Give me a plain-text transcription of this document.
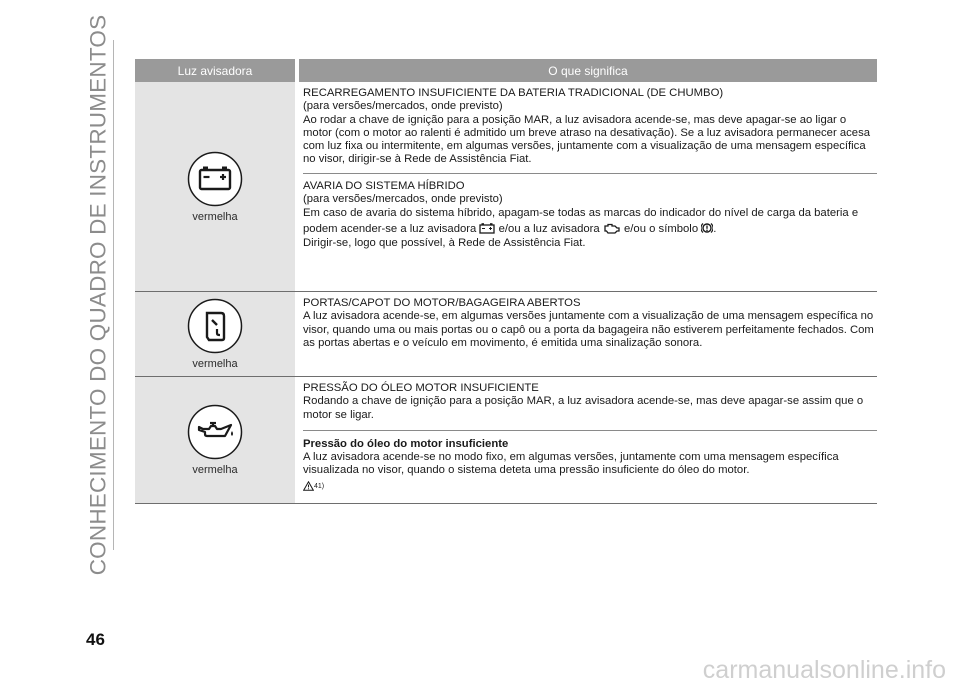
CONHECIMENTO DO QUADRO DE INSTRUMENTOS	Luz avisadora	O que significa
vermelha

RECARREGAMENTO INSUFICIENTE DA BATERIA TRADICIONAL (DE CHUMBO)

(para versões/mercados, onde previsto)

Ao rodar a chave de ignição para a posição MAR, a luz avisadora acende-se, mas deve apagar-se ao ligar o motor (com o motor ao ralenti é admitido um breve atraso na desativação). Se a luz avisadora permanecer acesa com luz fixa ou intermitente, em algumas versões, juntamente com a visualização de uma mensagem específica no visor, dirigir-se à Rede de Assistência Fiat.

AVARIA DO SISTEMA HÍBRIDO

(para versões/mercados, onde previsto)

Em caso de avaria do sistema híbrido, apagam-se todas as marcas do indicador do nível de carga da bateria e podem acender-se a luz avisadora e/ou a luz avisadora e/ou o símbolo .

Dirigir-se, logo que possível, à Rede de Assistência Fiat.

vermelha

PORTAS/CAPOT DO MOTOR/BAGAGEIRA ABERTOS

A luz avisadora acende-se, em algumas versões juntamente com a visualização de uma mensagem específica no visor, quando uma ou mais portas ou o capô ou a porta da bagageira não estiverem perfeitamente fechados. Com as portas abertas e o veículo em movimento, é emitida uma sinalização sonora.

vermelha

PRESSÃO DO ÓLEO MOTOR INSUFICIENTE

Rodando a chave de ignição para a posição MAR, a luz avisadora acende-se, mas deve apagar-se assim que o motor se ligar.

Pressão do óleo do motor insuficiente

A luz avisadora acende-se no modo fixo, em algumas versões, juntamente com uma mensagem específica visualizada no visor, quando o sistema deteta uma pressão insuficiente do óleo do motor.

41)

46
carmanualsonline.info
